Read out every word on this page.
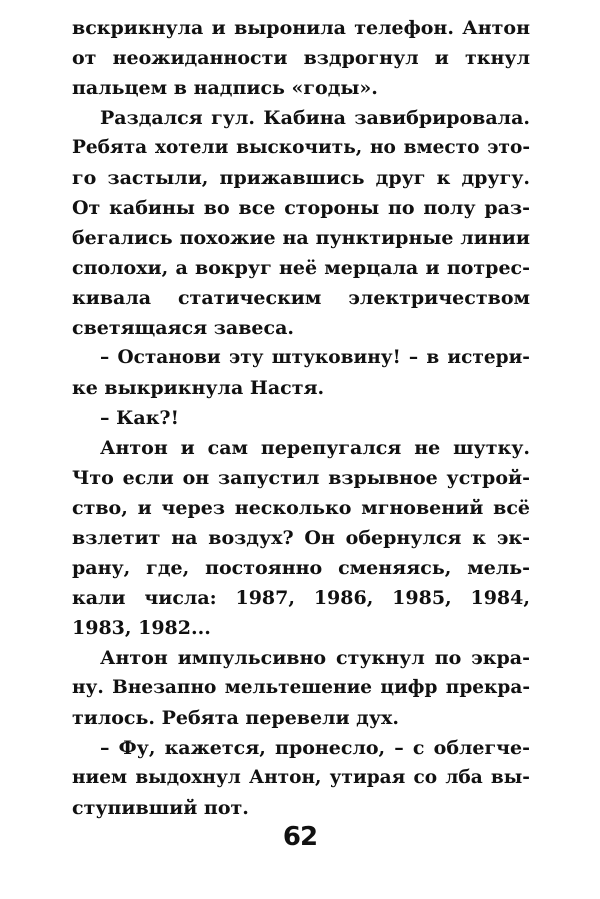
вскрикнула и выронила телефон. Антон
от неожиданности вздрогнул и ткнул
пальцем в надпись «годы».
Раздался гул. Кабина завибрировала.
Ребята хотели выскочить, но вместо это-
го застыли, прижавшись друг к другу.
От кабины во все стороны по полу раз-
бегались похожие на пунктирные линии
сполохи, а вокруг неё мерцала и потрес-
кивала статическим электричеством
светящаяся завеса.
– Останови эту штуковину! – в истери-
ке выкрикнула Настя.
– Как?!
Антон и сам перепугался не шутку.
Что если он запустил взрывное устрой-
ство, и через несколько мгновений всё
взлетит на воздух? Он обернулся к эк-
рану, где, постоянно сменяясь, мель-
кали числа: 1987, 1986, 1985, 1984,
1983, 1982...
Антон импульсивно стукнул по экра-
ну. Внезапно мельтешение цифр прекра-
тилось. Ребята перевели дух.
– Фу, кажется, пронесло, – с облегче-
нием выдохнул Антон, утирая со лба вы-
ступивший пот.
62
